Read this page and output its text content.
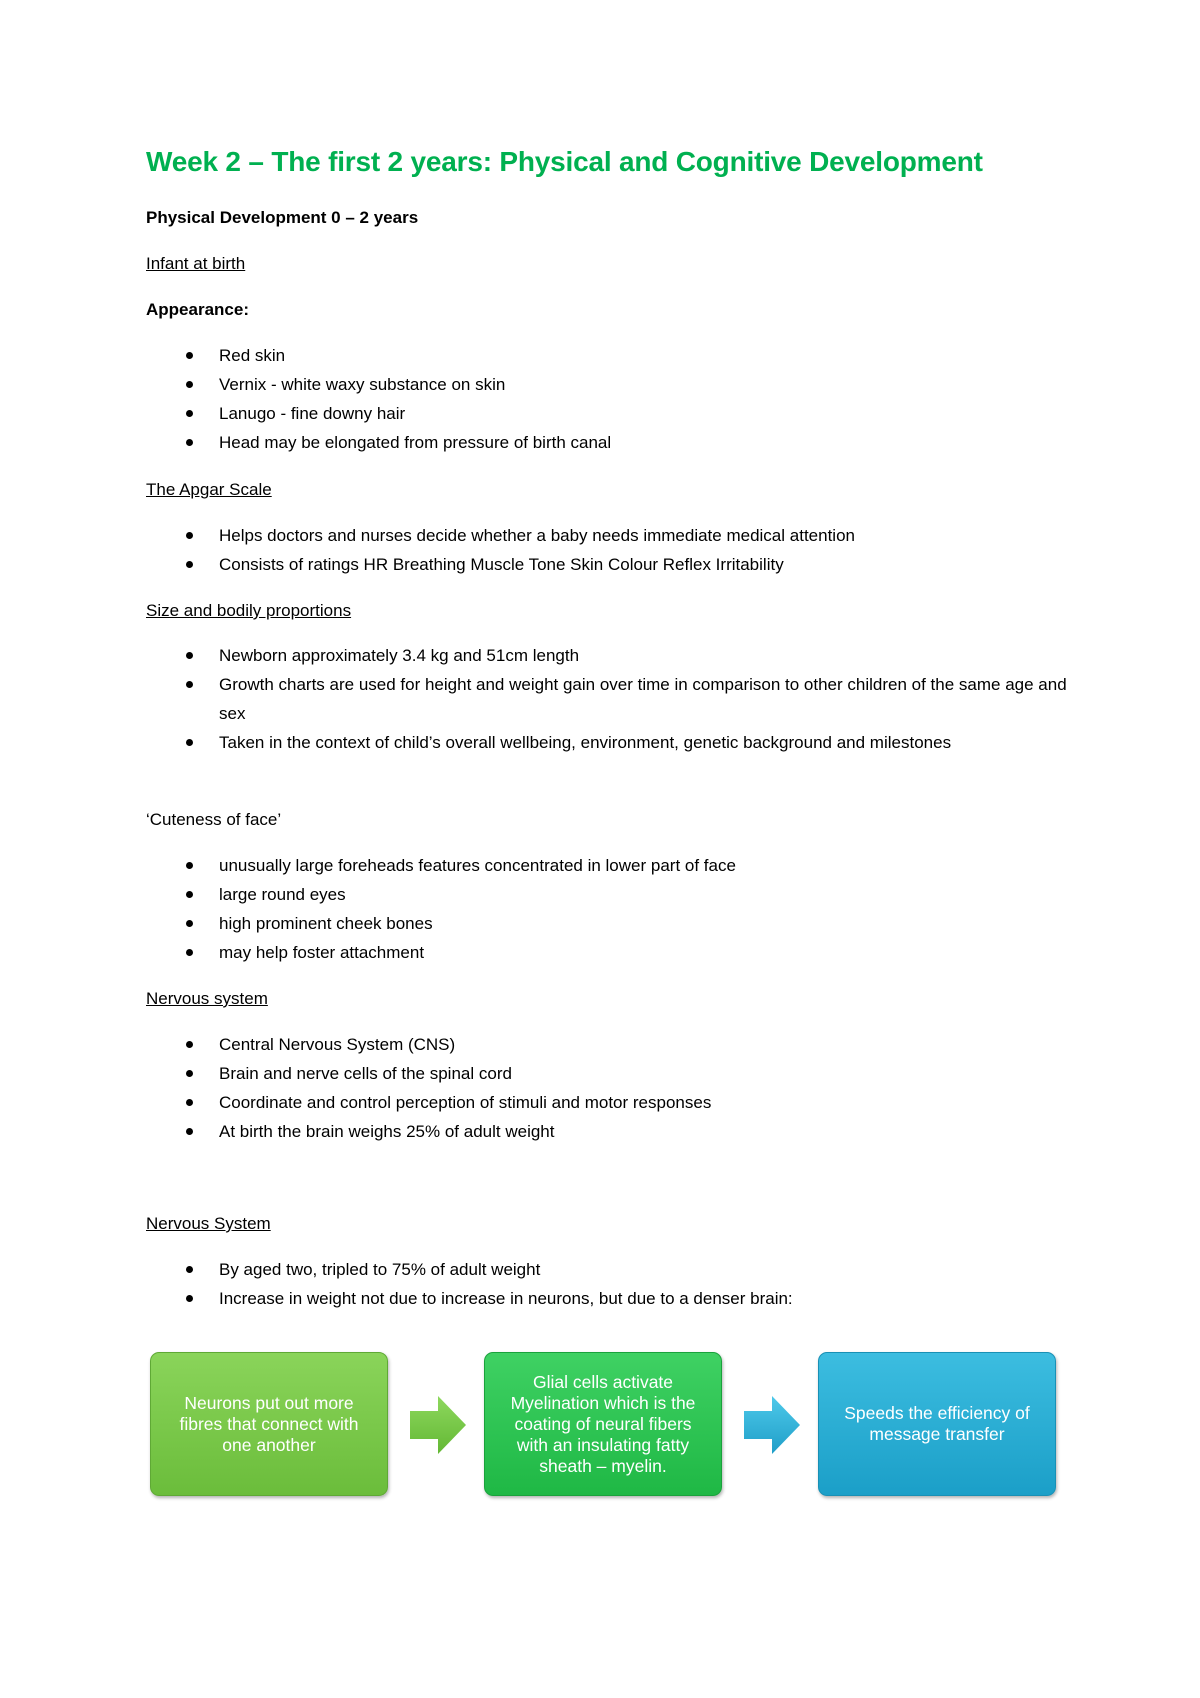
Week 2 – The first 2 years: Physical and Cognitive Development

Physical Development 0 – 2 years

Infant at birth

Appearance:

Red skin
Vernix - white waxy substance on skin
Lanugo - fine downy hair
Head may be elongated from pressure of birth canal

The Apgar Scale

Helps doctors and nurses decide whether a baby needs immediate medical attention
Consists of ratings HR Breathing Muscle Tone Skin Colour Reflex Irritability

Size and bodily proportions

Newborn approximately 3.4 kg and 51cm length
Growth charts are used for height and weight gain over time in comparison to other children of the same age and sex
Taken in the context of child’s overall wellbeing, environment, genetic background and milestones

‘Cuteness of face’

unusually large foreheads features concentrated in lower part of face
large round eyes
high prominent cheek bones
may help foster attachment

Nervous system

Central Nervous System (CNS)
Brain and nerve cells of the spinal cord
Coordinate and control perception of stimuli and motor responses
At birth the brain weighs 25% of adult weight

Nervous System

By aged two, tripled to 75% of adult weight
Increase in weight not due to increase in neurons, but due to a denser brain:
Neurons put out more fibres that connect with one another
Glial cells activate Myelination which is the coating of neural fibers with an insulating fatty sheath – myelin.
Speeds the efficiency of message transfer
